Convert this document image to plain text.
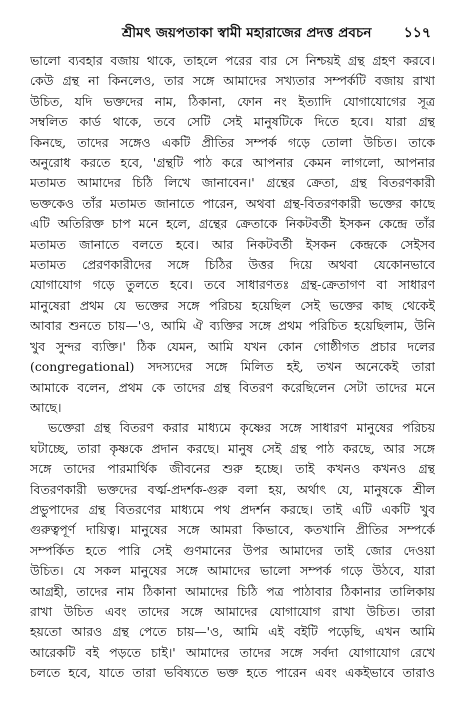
শ্রীমৎ জয়পতাকা স্বামী মহারাজের প্রদত্ত প্রবচন ১১৭
ভালো ব্যবহার বজায় থাকে, তাহলে পরের বার সে নিশ্চয়ই গ্রন্থ গ্রহণ করবে।
কেউ গ্রন্থ না কিনলেও, তার সঙ্গে আমাদের সখ্যতার সম্পর্কটি বজায় রাখা
উচিত, যদি ভক্তদের নাম, ঠিকানা, ফোন নং ইত্যাদি যোগাযোগের সূত্র
সম্বলিত কার্ড থাকে, তবে সেটি সেই মানুষটিকে দিতে হবে। যারা গ্রন্থ
কিনছে, তাদের সঙ্গেও একটি প্রীতির সম্পর্ক গড়ে তোলা উচিত। তাকে
অনুরোধ করতে হবে, 'গ্রন্থটি পাঠ করে আপনার কেমন লাগলো, আপনার
মতামত আমাদের চিঠি লিখে জানাবেন।' গ্রন্থের ক্রেতা, গ্রন্থ বিতরণকারী
ভক্তকেও তাঁর মতামত জানাতে পারেন, অথবা গ্রন্থ-বিতরণকারী ভক্তের কাছে
এটি অতিরিক্ত চাপ মনে হলে, গ্রন্থের ক্রেতাকে নিকটবর্তী ইসকন কেন্দ্রে তাঁর
মতামত জানাতে বলতে হবে। আর নিকটবর্তী ইসকন কেন্দ্রকে সেইসব
মতামত প্রেরণকারীদের সঙ্গে চিঠির উত্তর দিয়ে অথবা যেকোনভাবে
যোগাযোগ গড়ে তুলতে হবে। তবে সাধারণতঃ গ্রন্থ-ক্রেতাগণ বা সাধারণ
মানুষেরা প্রথম যে ভক্তের সঙ্গে পরিচয় হয়েছিল সেই ভক্তের কাছ থেকেই
আবার শুনতে চায়—'ও, আমি ঐ ব্যক্তির সঙ্গে প্রথম পরিচিত হয়েছিলাম, উনি
খুব সুন্দর ব্যক্তি।' ঠিক যেমন, আমি যখন কোন গোষ্ঠীগত প্রচার দলের
(congregational) সদস্যদের সঙ্গে মিলিত হই, তখন অনেকেই তারা
আমাকে বলেন, প্রথম কে তাদের গ্রন্থ বিতরণ করেছিলেন সেটা তাদের মনে
আছে।
ভক্তেরা গ্রন্থ বিতরণ করার মাধ্যমে কৃষ্ণের সঙ্গে সাধারণ মানুষের পরিচয়
ঘটাচ্ছে, তারা কৃষ্ণকে প্রদান করছে। মানুষ সেই গ্রন্থ পাঠ করছে, আর সঙ্গে
সঙ্গে তাদের পারমার্থিক জীবনের শুরু হচ্ছে। তাই কখনও কখনও গ্রন্থ
বিতরণকারী ভক্তদের বর্ত্ম-প্রদর্শক-গুরু বলা হয়, অর্থাৎ যে, মানুষকে শ্রীল
প্রভুপাদের গ্রন্থ বিতরণের মাধ্যমে পথ প্রদর্শন করছে। তাই এটি একটি খুব
গুরুত্বপূর্ণ দায়িত্ব। মানুষের সঙ্গে আমরা কিভাবে, কতখানি প্রীতির সম্পর্কে
সম্পর্কিত হতে পারি সেই গুণমানের উপর আমাদের তাই জোর দেওয়া
উচিত। যে সকল মানুষের সঙ্গে আমাদের ভালো সম্পর্ক গড়ে উঠবে, যারা
আগ্রহী, তাদের নাম ঠিকানা আমাদের চিঠি পত্র পাঠাবার ঠিকানার তালিকায়
রাখা উচিত এবং তাদের সঙ্গে আমাদের যোগাযোগ রাখা উচিত। তারা
হয়তো আরও গ্রন্থ পেতে চায়—'ও, আমি এই বইটি পড়েছি, এখন আমি
আরেকটি বই পড়তে চাই।' আমাদের তাদের সঙ্গে সর্বদা যোগাযোগ রেখে
চলতে হবে, যাতে তারা ভবিষ্যতে ভক্ত হতে পারেন এবং একইভাবে তারাও
